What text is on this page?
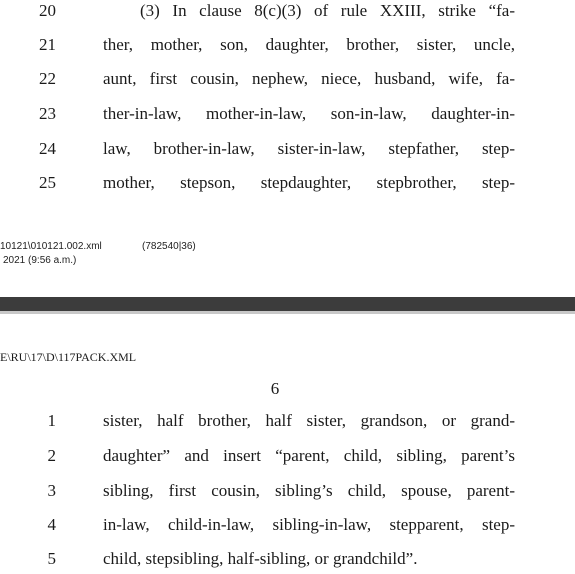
20	(3) In clause 8(c)(3) of rule XXIII, strike “fa-
21	ther, mother, son, daughter, brother, sister, uncle,
22	aunt, first cousin, nephew, niece, husband, wife, fa-
23	ther-in-law, mother-in-law, son-in-law, daughter-in-
24	law, brother-in-law, sister-in-law, stepfather, step-
25	mother, stepson, stepdaughter, stepbrother, step-
10121\010121.002.xml
2021 (9:56 a.m.)
(782540|36)
E\RU\17\D\117PACK.XML
6
1	sister, half brother, half sister, grandson, or grand-
2	daughter” and insert “parent, child, sibling, parent’s
3	sibling, first cousin, sibling’s child, spouse, parent-
4	in-law, child-in-law, sibling-in-law, stepparent, step-
5	child, stepsibling, half-sibling, or grandchild”.
